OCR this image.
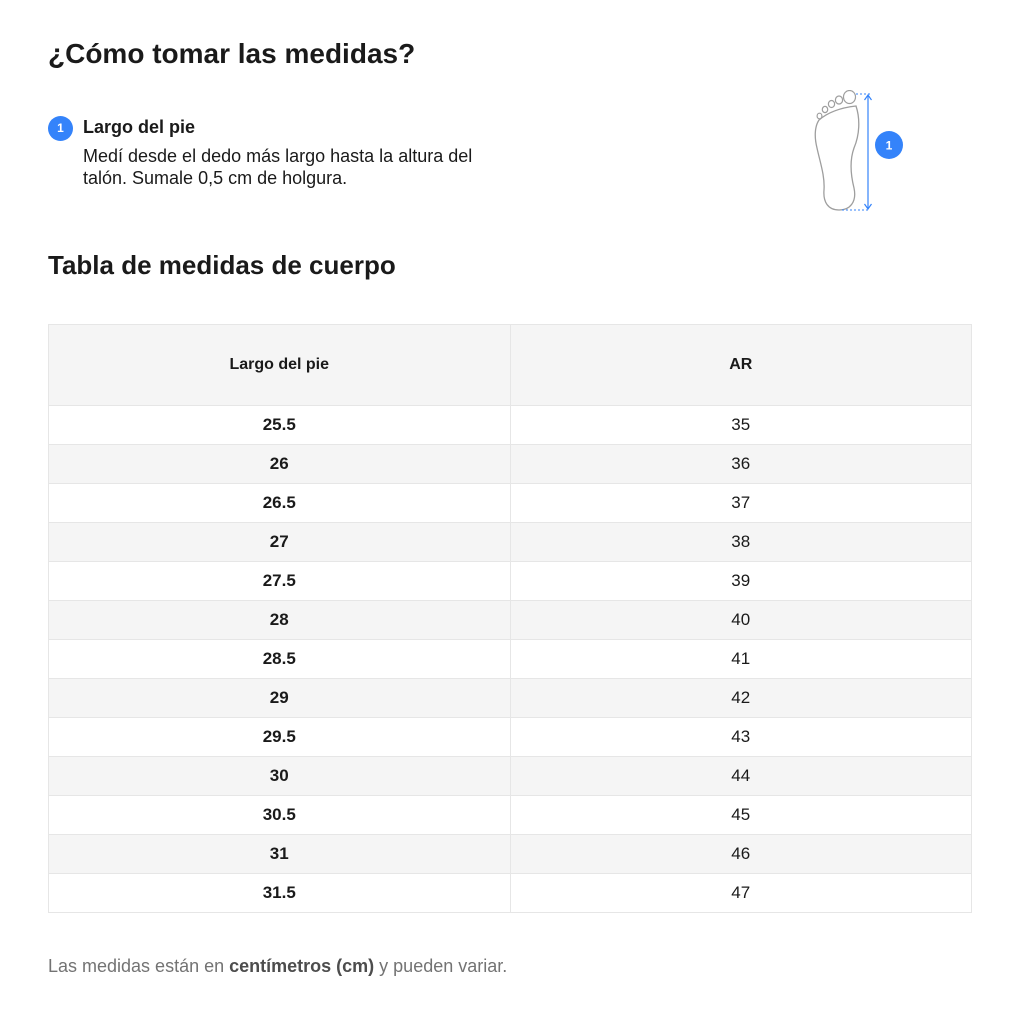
¿Cómo tomar las medidas?
1	Largo del pie
Medí desde el dedo más largo hasta la altura del talón. Sumale 0,5 cm de holgura.
1
Tabla de medidas de cuerpo
Largo del pie	AR
25.5	35
26	36
26.5	37
27	38
27.5	39
28	40
28.5	41
29	42
29.5	43
30	44
30.5	45
31	46
31.5	47
Las medidas están en centímetros (cm) y pueden variar.
